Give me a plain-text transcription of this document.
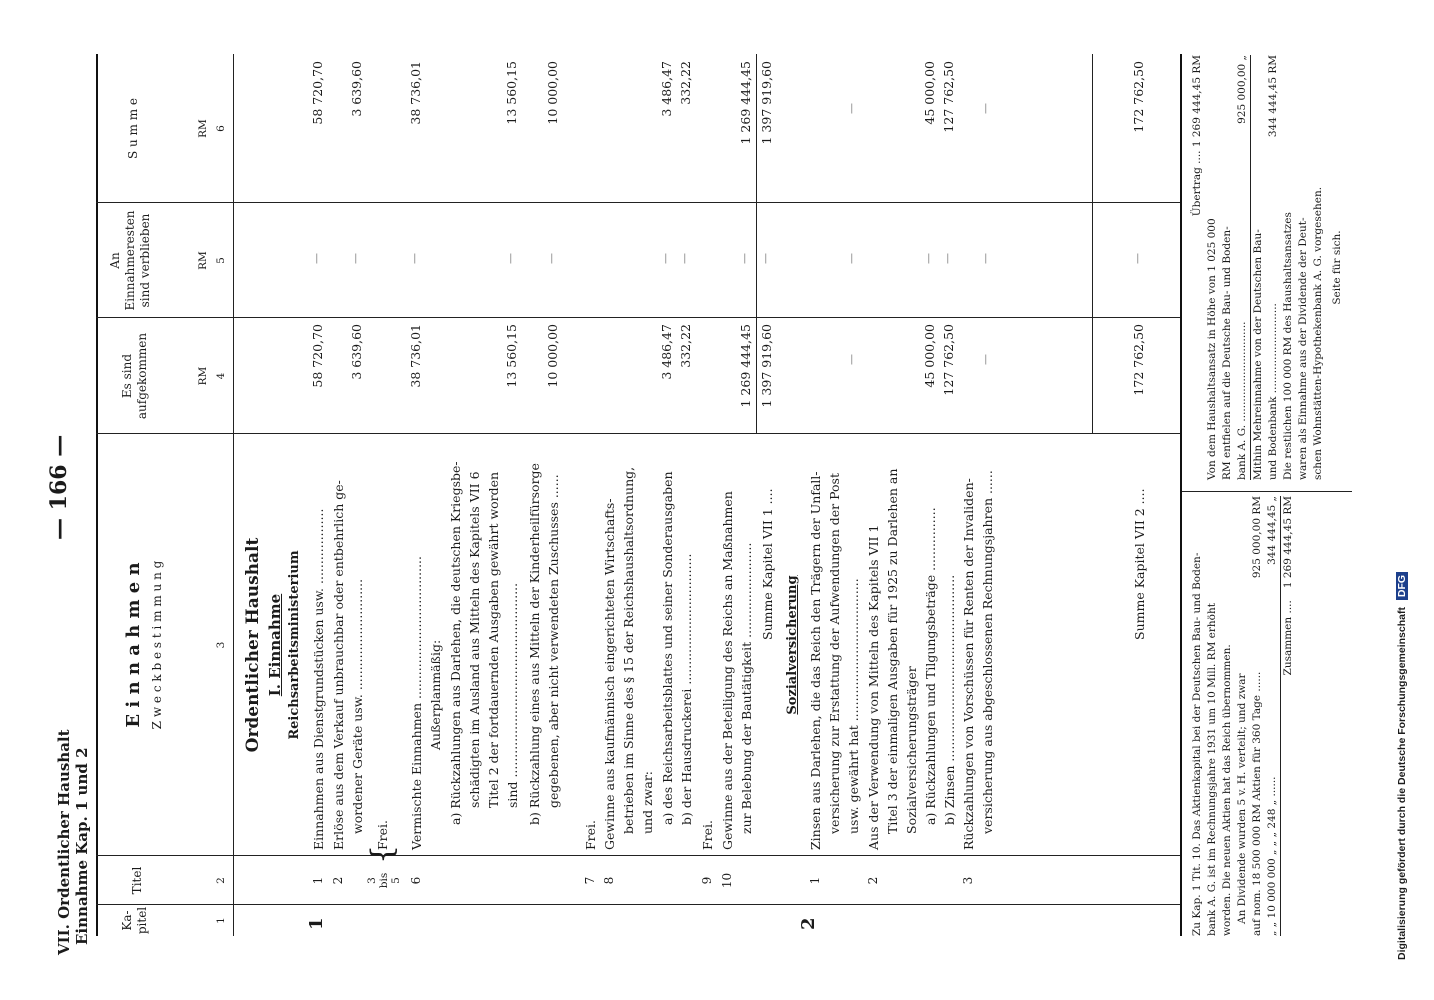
VII. Ordentlicher Haushalt Einnahme Kap. 1 und 2
— 166 —
Ka-
pitel
Titel
E i n n a h m e n Z w e c k b e s t i m m u n g
Es sind
aufgekommen
An
Einnahmeresten
sind verblieben
S u m m e
RM
RM
RM
1
2
3
4
5
6
Ordentlicher Haushalt I. Einnahme Reichsarbeitsministerium
1
1
Einnahmen aus Dienstgrundstücken usw. ...................
58 720,70
—
58 720,70
2
Erlöse aus dem Verkauf unbrauchbar oder entbehrlich ge- wordener Geräte usw. ............................
3 639,60
—
3 639,60
3
bis
5
{
Frei.
6
Vermischte Einnahmen ....................................
38 736,01
—
38 736,01
Außerplanmäßig: a) Rückzahlungen aus Darlehen, die deutschen Kriegsbe- schädigten im Ausland aus Mitteln des Kapitels VII 6 Titel 2 der fortdauernden Ausgaben gewährt worden sind .................................................
13 560,15
—
13 560,15
b) Rückzahlung eines aus Mitteln der Kinderheilfürsorge gegebenen, aber nicht verwendeten Zuschusses ......
10 000,00
—
10 000,00
7
Frei.
8
Gewinne aus kaufmännisch eingerichteten Wirtschafts- betrieben im Sinne des § 15 der Reichshaushaltsordnung, und zwar: a) des Reichsarbeitsblattes und seiner Sonderausgaben
3 486,47
—
3 486,47
b) der Hausdruckerei .................................
332,22
—
332,22
9
Frei.
10
Gewinne aus der Beteiligung des Reichs an Maßnahmen zur Belebung der Bautätigkeit ........................
1 269 444,45
—
1 269 444,45
Summe Kapitel VII 1 ....
1 397 919,60
—
1 397 919,60
2
Sozialversicherung
1
Zinsen aus Darlehen, die das Reich den Trägern der Unfall- versicherung zur Erstattung der Aufwendungen der Post usw. gewährt hat ....................................
—
—
—
2
Aus der Verwendung von Mitteln des Kapitels VII 1 Titel 3 der einmaligen Ausgaben für 1925 zu Darlehen an Sozialversicherungsträger a) Rückzahlungen und Tilgungsbeträge ................
45 000,00
—
45 000,00
b) Zinsen ...............................................
127 762,50
—
127 762,50
3
Rückzahlungen von Vorschüssen für Renten der Invaliden- versicherung aus abgeschlossenen Rechnungsjahren ......
—
—
—
Summe Kapitel VII 2 ....
172 762,50
—
172 762,50
Zu Kap. 1 Tit. 10. Das Aktienkapital bei der Deutschen Bau- und Boden- bank A. G. ist im Rechnungsjahre 1931 um 10 Mill. RM erhöht worden. Die neuen Aktien hat das Reich übernommen. An Dividende wurden 5 v. H. verteilt; und zwar auf nom. 18 500 000 RM Aktien für 360 Tage ......
925 000,00 RM
„ „ 10 000 000 „ „ „ 248 „ ......
344 444,45 „
Zusammen ....
1 269 444,45 RM
Übertrag .... 1 269 444,45 RM
Von dem Haushaltsansatz in Höhe von 1 025 000 RM entfielen auf die Deutsche Bau- und Boden- bank A. G. ..............................
925 000,00 „
Mithin Mehreinnahme von der Deutschen Bau- und Bodenbank ...........................
344 444,45 RM
Die restlichen 100 000 RM des Haushaltsansatzes waren als Einnahme aus der Dividende der Deut- schen Wohnstätten-Hypothekenbank A. G. vorgesehen. Seite für sich.
Digitalisierung gefördert durch die Deutsche Forschungsgemeinschaft DFG
